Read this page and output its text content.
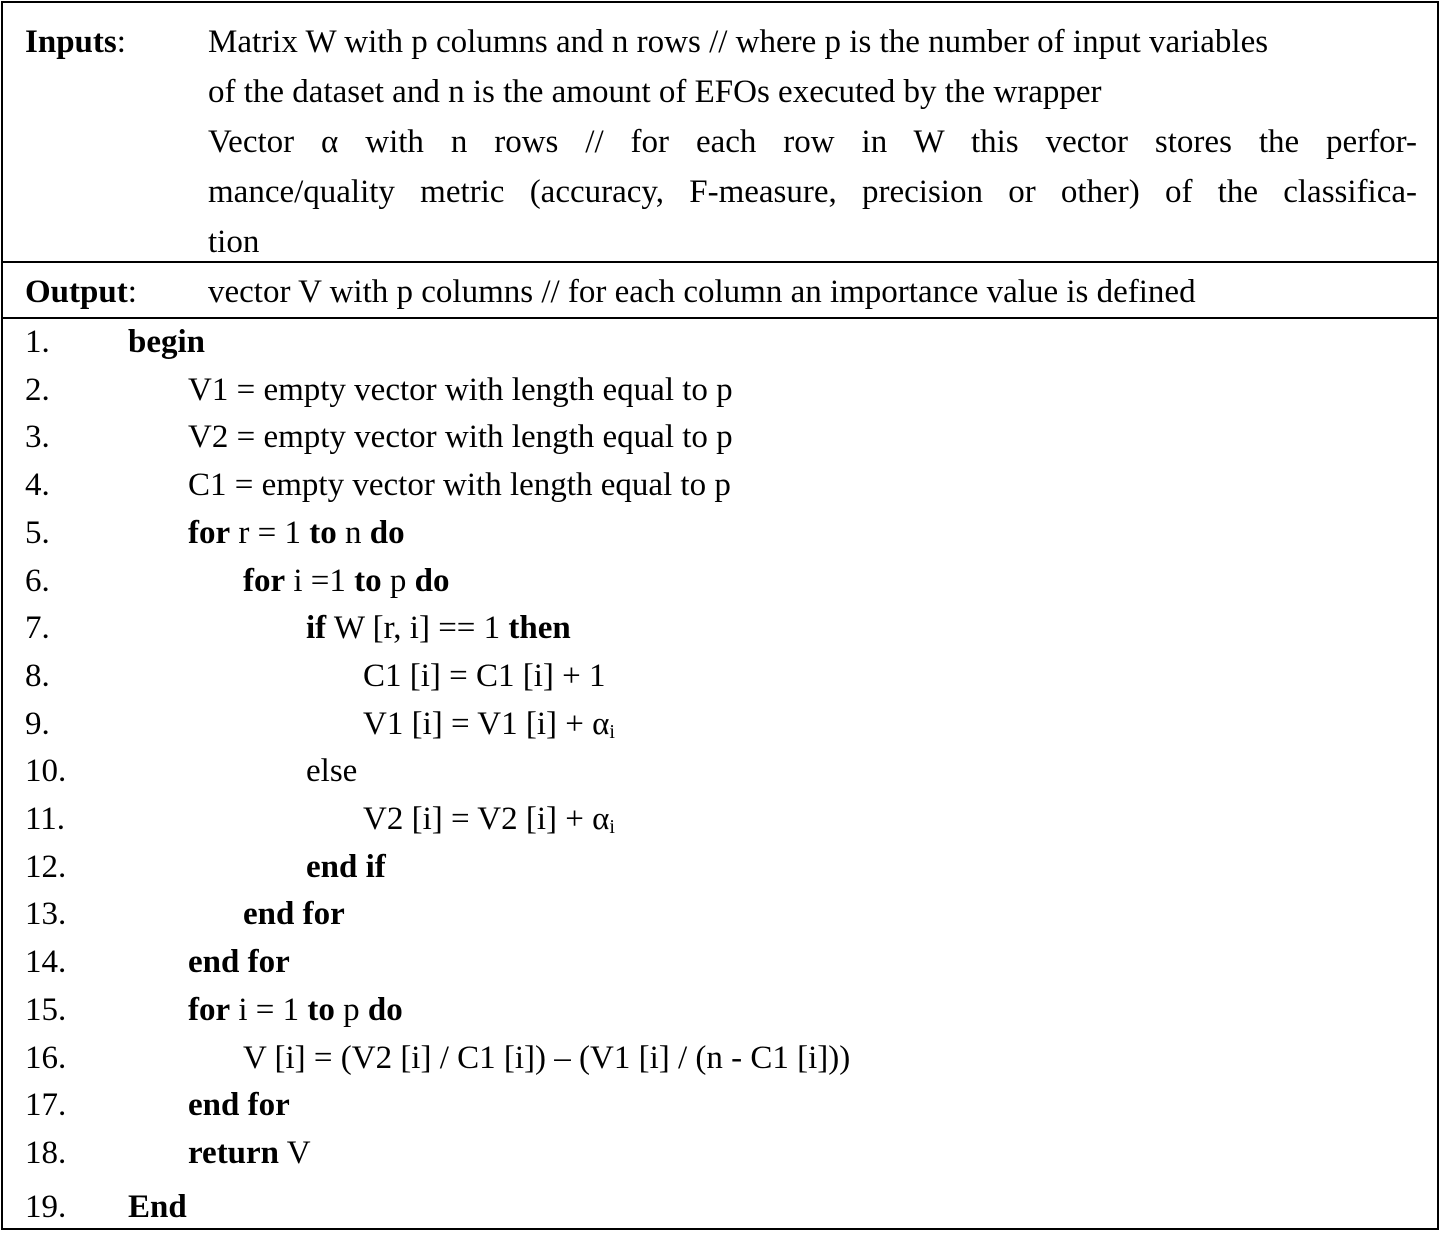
Inputs: Matrix W with p columns and n rows // where p is the number of input variables
of the dataset and n is the amount of EFOs executed by the wrapper
Vector α with n rows // for each row in W this vector stores the perfor-
mance/quality metric (accuracy, F-measure, precision or other) of the classifica-
tion
Output: vector V with p columns // for each column an importance value is defined
1. begin
2.	V1 = empty vector with length equal to p
3.	V2 = empty vector with length equal to p
4.	C1 = empty vector with length equal to p
5.	for r = 1 to n do
6.	for i =1 to p do
7.	if W [r, i] == 1 then
8.	C1 [i] = C1 [i] + 1
9.	V1 [i] = V1 $[i] + \alpha_i$
10.	else
11.	V2 [i] = V2 $[i] + \alpha_i$
12.	end if
13.	end for
14.	end for
15.	for i = 1 to p do
16.	V [i] = (V2 [i] / C1 [i]) – (V1 [i] / (n - C1 [i]))
17.	end for
18.	return V
19. End
